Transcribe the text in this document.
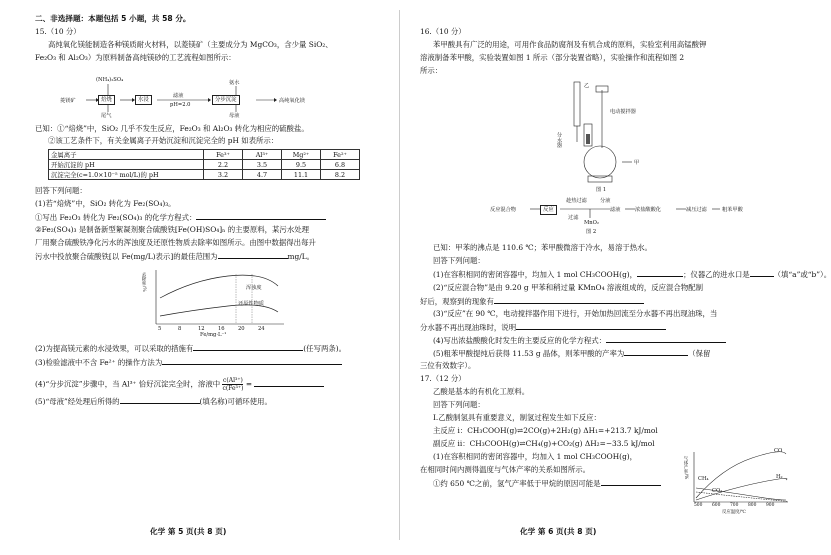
二、非选择题：本题包括 5 小题，共 58 分。
15.（10 分）
高纯氧化镁能制造各种镁质耐火材料，以菱镁矿（主要成分为 MgCO₃，含少量 SiO₂、
Fe₂O₃ 和 Al₂O₃）为原料制备高纯镁砂的工艺流程如图所示：
菱镁矿	焙烧	水浸
(NH₄)₂SO₄
滤液
pH=2.0
分步沉淀
氨水
高纯氧化镁
尾气	母液
已知：①“焙烧”中，SiO₂ 几乎不发生反应，Fe₂O₃ 和 Al₂O₃ 转化为相应的硫酸盐。
②该工艺条件下，有关金属离子开始沉淀和沉淀完全的 pH 如表所示：
金属离子	Fe³⁺	Al³⁺	Mg²⁺	Fe²⁺
开始沉淀的 pH	2.2	3.5	9.5	6.8
沉淀完全(c=1.0×10⁻⁵ mol/L)的 pH	3.2	4.7	11.1	8.2
回答下列问题：
(1)若“焙烧”中，SiO₂ 转化为 Fe₂(SO₄)₃。
①写出 Fe₂O₃ 转化为 Fe₂(SO₄)₃ 的化学方程式：
②Fe₂(SO₄)₃ 是制备新型絮凝剂聚合硫酸铁[Fe(OH)SO₄]ₙ 的主要原料，某污水处理
厂用聚合硫酸铁净化污水的浑浊度及还原性物质去除率如图所示。由图中数据得出每升
污水中投放聚合硫酸铁[以 Fe(mg/L)表示]的最佳范围为	mg/L。
去除率/%	浑浊度
还原性物质
5	8	12	16	20	24
Fe/mg·L⁻¹
(2)为提高镁元素的水浸效果，可以采取的措施有	(任写两条)。
(3)检验滤液中不含 Fe²⁺ 的操作方法为
(4)“分步沉淀”步骤中，当 Al³⁺ 恰好沉淀完全时，溶液中 $\frac{\text{c(Al³⁺)}}{\text{c(Fe³⁺)}}$ =
(5)“母液”经处理后所得的	(填名称)可循环使用。
化学 第 5 页(共 8 页)
16.（10 分）
苯甲酸具有广泛的用途，可用作食品防腐剂及有机合成的原料，实验室利用高锰酸钾
溶液制备苯甲酸，实验装置如图 1 所示（部分装置省略），实验操作和流程如图 2
所示：
乙
电动搅拌器
分水器
甲
图 1
反应混合物	反应
趁热过滤	分液
过滤
滤液	浓盐酸酸化	减压过滤	粗苯甲酸
MnO₂
图 2
已知：甲苯的沸点是 110.6 ℃；苯甲酸微溶于冷水，易溶于热水。
回答下列问题：
(1)在容积相同的密闭容器中，均加入 1 mol CH₃COOH(g)，	；仪器乙的进水口是	（填“a”或“b”）。
(2)“反应混合物”是由 9.20 g 甲苯和稍过量 KMnO₄ 溶液组成的，反应混合物配制
好后，观察到的现象有
(3)“反应”在 90 ℃，电动搅拌器作用下进行，开始加热回流至分水器不再出现油珠，当
分水器不再出现油珠时，说明
(4)写出浓盐酸酸化时发生的主要反应的化学方程式：
(5)粗苯甲酸提纯后获得 11.53 g 晶体，则苯甲酸的产率为	（保留
三位有效数字）。
17.（12 分）
乙酸是基本的有机化工原料。
回答下列问题：
Ⅰ.乙酸制氢具有重要意义，制氢过程发生如下反应：
主反应 i：CH₃COOH(g)⇌2CO(g)+2H₂(g) ΔH₁=+213.7 kJ/mol
副反应 ii：CH₃COOH(g)⇌CH₄(g)+CO₂(g) ΔH₂=−33.5 kJ/mol
(1)在容积相同的密闭容器中，均加入 1 mol CH₃COOH(g)，
在相同时间内测得温度与气体产率的关系如图所示。
①约 650 ℃之前，氢气产率低于甲烷的原因可能是
气体产率/%
CO
CH₄	H₂
CO₂
500 600 700 800 900
反应温度/℃
化学 第 6 页(共 8 页)
